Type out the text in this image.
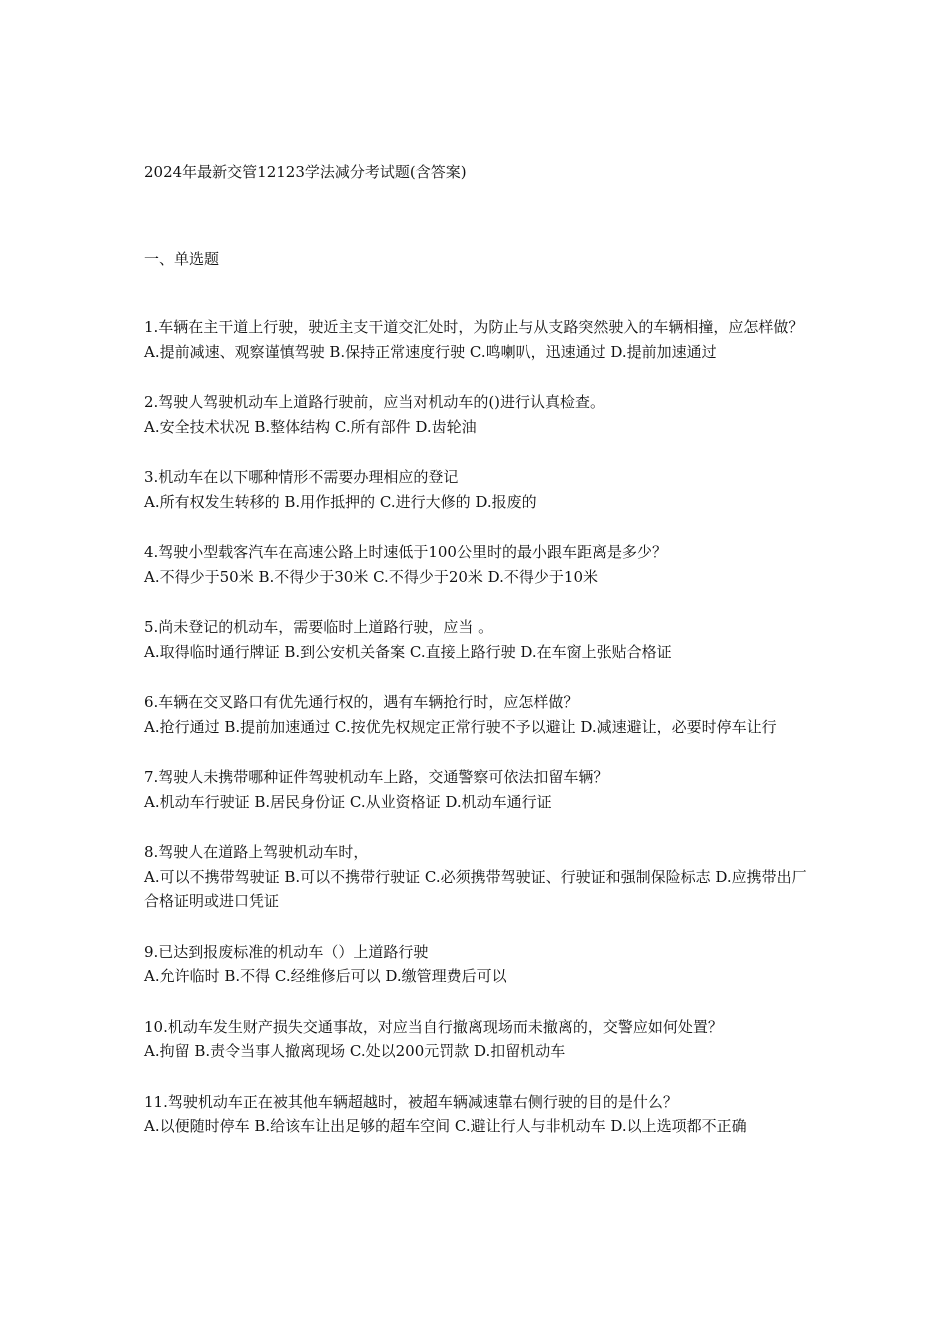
2024年最新交管12123学法减分考试题(含答案)
一、单选题
1.车辆在主干道上行驶，驶近主支干道交汇处时，为防止与从支路突然驶入的车辆相撞，应怎样做？
A.提前减速、观察谨慎驾驶 B.保持正常速度行驶 C.鸣喇叭，迅速通过 D.提前加速通过
2.驾驶人驾驶机动车上道路行驶前，应当对机动车的()进行认真检查。
A.安全技术状况 B.整体结构 C.所有部件 D.齿轮油
3.机动车在以下哪种情形不需要办理相应的登记
A.所有权发生转移的 B.用作抵押的 C.进行大修的 D.报废的
4.驾驶小型载客汽车在高速公路上时速低于100公里时的最小跟车距离是多少？
A.不得少于50米 B.不得少于30米 C.不得少于20米 D.不得少于10米
5.尚未登记的机动车，需要临时上道路行驶，应当 。
A.取得临时通行牌证 B.到公安机关备案 C.直接上路行驶 D.在车窗上张贴合格证
6.车辆在交叉路口有优先通行权的，遇有车辆抢行时，应怎样做？
A.抢行通过 B.提前加速通过 C.按优先权规定正常行驶不予以避让 D.减速避让，必要时停车让行
7.驾驶人未携带哪种证件驾驶机动车上路，交通警察可依法扣留车辆？
A.机动车行驶证 B.居民身份证 C.从业资格证 D.机动车通行证
8.驾驶人在道路上驾驶机动车时，
A.可以不携带驾驶证 B.可以不携带行驶证 C.必须携带驾驶证、行驶证和强制保险标志 D.应携带出厂合格证明或进口凭证
9.已达到报废标准的机动车（）上道路行驶
A.允许临时 B.不得 C.经维修后可以 D.缴管理费后可以
10.机动车发生财产损失交通事故，对应当自行撤离现场而未撤离的，交警应如何处置？
A.拘留 B.责令当事人撤离现场 C.处以200元罚款 D.扣留机动车
11.驾驶机动车正在被其他车辆超越时，被超车辆减速靠右侧行驶的目的是什么？
A.以便随时停车 B.给该车让出足够的超车空间 C.避让行人与非机动车 D.以上选项都不正确
